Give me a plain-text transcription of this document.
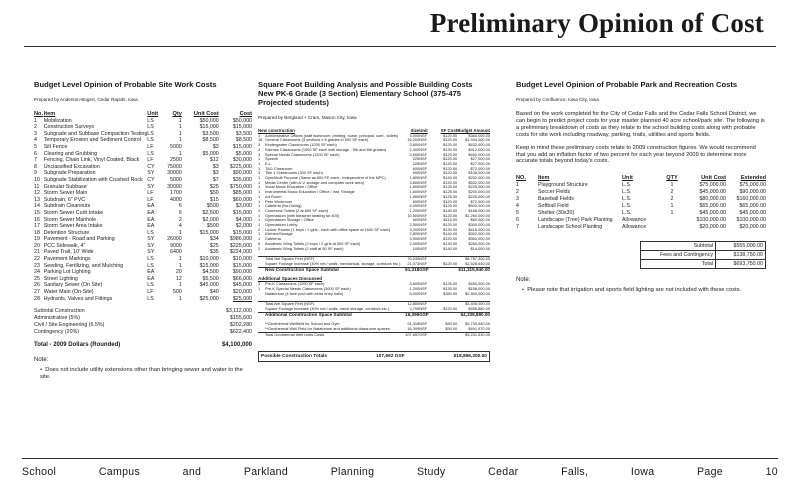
Preliminary Opinion of Cost
Budget Level Opinion of Probable Site Work Costs
Prepared by Anderson-Bogert, Cedar Rapids, Iowa
No.	Item	Unit	Qty	Unit Cost	Cost
1	Mobilization	LS	1	$50,000	$50,000
2	Construction Surveys	LS	1	$15,000	$15,000
3	Subgrade and Subbase Compaction Testing	LS	1	$3,500	$3,500
4	Temporary Erosion and Sediment Control	LS	1	$8,500	$8,500
5	Silt Fence	LF	5000	$3	$15,000
6	Clearing and Grubbing	LS	1	$5,000	$5,000
7	Fencing, Chain Link, Vinyl Coated, Black	LF	2500	$12	$30,000
8	Unclassified Excavation	CY	75000	$3	$225,000
9	Subgrade Preparation	SY	30000	$3	$90,000
10	Subgrade Stabilization with Crushed Rock	CY	5000	$7	$35,000
11	Granular Subbase	SY	30000	$25	$750,000
12	Storm Sewer Main	LF	1700	$50	$85,000
13	Subdrain, 6" PVC	LF	4000	$15	$60,000
14	Subdrain Cleanouts	EA	6	$500	$3,000
15	Storm Sewer Curb Intake	EA	6	$2,500	$15,000
16	Storm Sewer Manhole	EA	2	$2,000	$4,000
17	Storm Sewer Area Intake	EA	4	$500	$2,000
18	Detention Structure	LS	1	$15,000	$15,000
19	Pavement - Road and Parking	SY	26000	$34	$986,000
20	PCC Sidewalk, 4"	SY	9000	$25	$225,000
21	Paved Trail, 10' Wide	SY	6400	$35	$224,000
22	Pavement Markings	LS	1	$10,000	$10,000
23	Seeding, Fertilizing, and Mulching	LS	1	$15,000	$15,000
24	Parking Lot Lighting	EA	20	$4,500	$90,000
25	Street Lighting	EA	12	$5,500	$66,000
26	Sanitary Sewer (On Site)	LS	1	$45,000	$45,000
27	Water Main (On-Site)	LF	500	$40	$20,000
28	Hydrants, Valves and Fittings	LS	1	$25,000	$25,000
Subtotal Construction					$3,112,000
Administrative (5%)					$155,600
Civil / Site Engineering (6.5%)					$202,280
Contingency (20%)					$622,400
Total - 2009 Dollars (Rounded)	$4,100,000
Note:
•  Does not include utility extensions other than bringing sewer and water to the site.
Square Foot Building Analysis and Possible Building Costs
New PK-6 Grade (3 Section) Elementary School (375-475 Projected students)
Prepared by Bergland + Cram, Mason City, Iowa
New construction		Size	Unit	SF Cost	Budget Amount
1	Administrative Offices (staff workroom, printing, nurse, principal, conf., toilets)	3,000	NSF	$120.00	$360,000.00
18	General Classrooms (3 sections x 6 grades in 900 SF each)	16,200	NSF	$120.00	$1,944,000.00
3	Kindergarten Classrooms (1200 SF each)	3,600	NSF	$120.00	$432,000.00
2	Science Classrooms (1000 SF each with storage - 5th and 6th grades)	2,400	NSF	$130.00	$312,000.00
3	Special Needs Classrooms (1200 SF each)	3,600	NSF	$125.00	$450,000.00
1	Speech	225	NSF	$120.00	$27,000.00
1	E.L.	225	NSF	$120.00	$27,000.00
1	TAG Classroom	600	NSF	$120.00	$72,000.00
3	Title 1 Classrooms (300 SF each)	900	NSF	$120.00	$108,000.00
1	Gym/Multi Purpose (Same as 600 FE each - independent of the MPC)	1,800	NSF	$140.00	$252,000.00
1	Media Center (with A.V. storage and computer work area)	3,800	NSF	$140.00	$532,000.00
1	Vocal Music Education / Office	1,800	NSF	$125.00	$225,000.00
1	Instrumental Music Education / Office / Inst. Storage	1,600	NSF	$125.00	$200,000.00
1	Art Room	1,800	NSF	$125.00	$225,000.00
1	Peer Workroom	600	NSF	$120.00	$72,000.00
1	Cafeteria (No Dining)	4,000	NSF	$125.00	$500,000.00
2	Commons Toilets (2 at 600 SF each)	1,200	NSF	$140.00	$168,000.00
1	Gymnasium (with bleacher seating for 400)	10,500	NSF	$120.00	$1,260,000.00
1	Gymnasium Storage / Office	600	NSF	$115.00	$69,000.00
1	Gymnasium Lobby	2,500	NSF	$120.00	$300,000.00
2	Locker Rooms (1 boys / 1 girls - each with office space at 1600 SF each)	3,200	NSF	$130.00	$416,000.00
1	Kitchen/Storage	2,800	NSF	$140.00	$392,000.00
1	Cafeteria	3,000	NSF	$120.00	$360,000.00
5	Academic Wing Toilets (2 boys / 2 girls at 500 SF each)	2,000	NSF	$130.00	$260,000.00
2	Academic Wing Toilets (2 staff at 50 SF each)	100	NSF	$140.00	$14,000.00

	Total Net Square Feet (NSF)	70,245	NSF		$8,787,300.00
	Square Footage Increase (30% net / walls, mechanical, storage, corridors etc.)	21,073	NSF	$120.00	$2,528,640.00
	New Construction Space Subtotal	91,318	GSF		$11,315,940.00

Additional Spaces Discussed					
3	Pre-K Classrooms (1200 SF each)	3,600	NSF	$125.00	$450,000.00
1	Pre-K Special Needs Classrooms (3000 SF each)	1,200	NSF	$130.00	$156,000.00
	Natatorium (4 lane pool with extra entry halls)	8,000	NSF	$350.00	$2,800,000.00

	Total Net Square Feet (NSF)	12,800	NSF		$3,406,000.00
	Square Footage Increase (30% net / walls, mech storage, corridors etc.)	3,799	NSF	$120.00	$455,880.00
	Additional Construction Space Subtotal	16,399	GSF		$4,339,880.00

	**Geothermal Wellfield for School and Gym	91,318	NSF	$30.00	$2,739,540.00
	**Geothermal Well Field for Natatorium and additional classroom spaces	16,399	NSF	$30.00	$491,970.00
	Total Geothermal Well Units Costs	107,657	GSF		$3,231,510.00
Possible Construction Totals	107,692 GSF	$18,856,300.00
Budget Level Opinion of Probable Park and Recreation Costs
Prepared by Confluence, Iowa City, Iowa
Based on the work completed for the City of Cedar Falls and the Cedar Falls School District, we can begin to predict project costs for your master planned 40 acre school/park site. The following is a preliminary breakdown of costs as they relate to the school building costs along with probable costs for site work including roadway, parking, trails, utilities and sports fields.
Keep in mind these preliminary costs relate to 2009 construction figures. We would recommend that you add an inflation factor of two percent for each year beyond 2009 to determine more accurate totals beyond today's costs.
NO.	Item	Unit	QTY	Unit Cost	Extended
1	Playground Structure	L.S.	1	$75,000.00	$75,000.00
2	Soccer Fields	L.S.	2	$45,000.00	$90,000.00
3	Baseball Fields	L.S.	2	$80,000.00	$160,000.00
4	Softball Field	L.S.	1	$65,000.00	$65,000.00
5	Shelter (30x30)	L.S.	1	$45,000.00	$45,000.00
6	Landscape (Tree) Park Planting	Allowance		$100,000.00	$100,000.00
7	Landscape School Planting	Allowance		$20,000.00	$20,000.00
Subtotal	$555,000.00
Fees and Contingency	$138,750.00
Total	$693,750.00
Note:
•  Please note that irrigation and sports field lighting are not included with these costs.
School	Campus	and	Parkland	Planning	Study	Cedar	Falls,	Iowa	Page	10
